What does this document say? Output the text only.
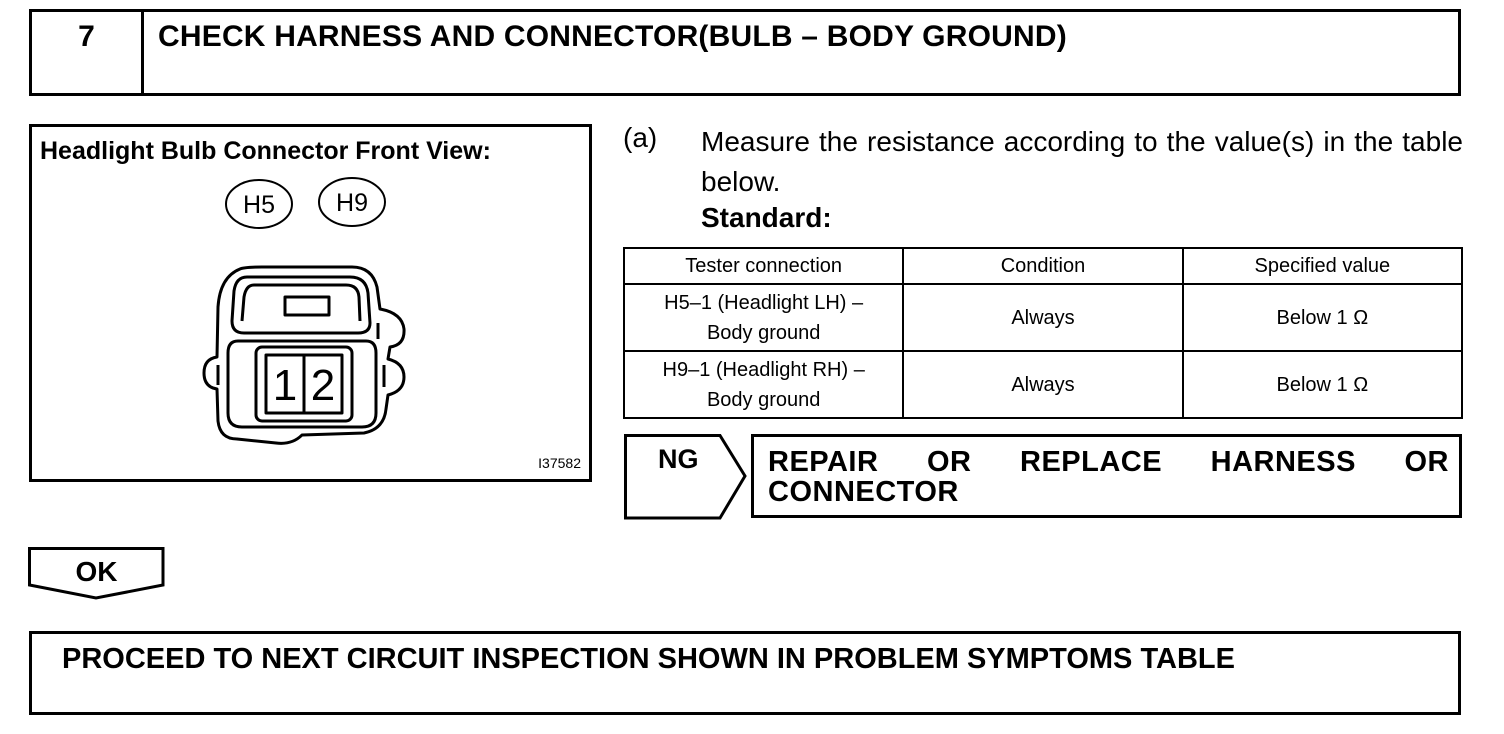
7	CHECK HARNESS AND CONNECTOR(BULB – BODY GROUND)
Headlight Bulb Connector Front View:
H5 H9
1 2
I37582
(a) Measure the resistance according to the value(s) in the table below.
Standard:
Tester connection	Condition	Specified value

H5–1 (Headlight LH) –
Body ground	Always	Below 1 Ω

H9–1 (Headlight RH) –
Body ground	Always	Below 1 Ω
NG REPAIR OR REPLACE HARNESS OR CONNECTOR
OK
PROCEED TO NEXT CIRCUIT INSPECTION SHOWN IN PROBLEM SYMPTOMS TABLE
